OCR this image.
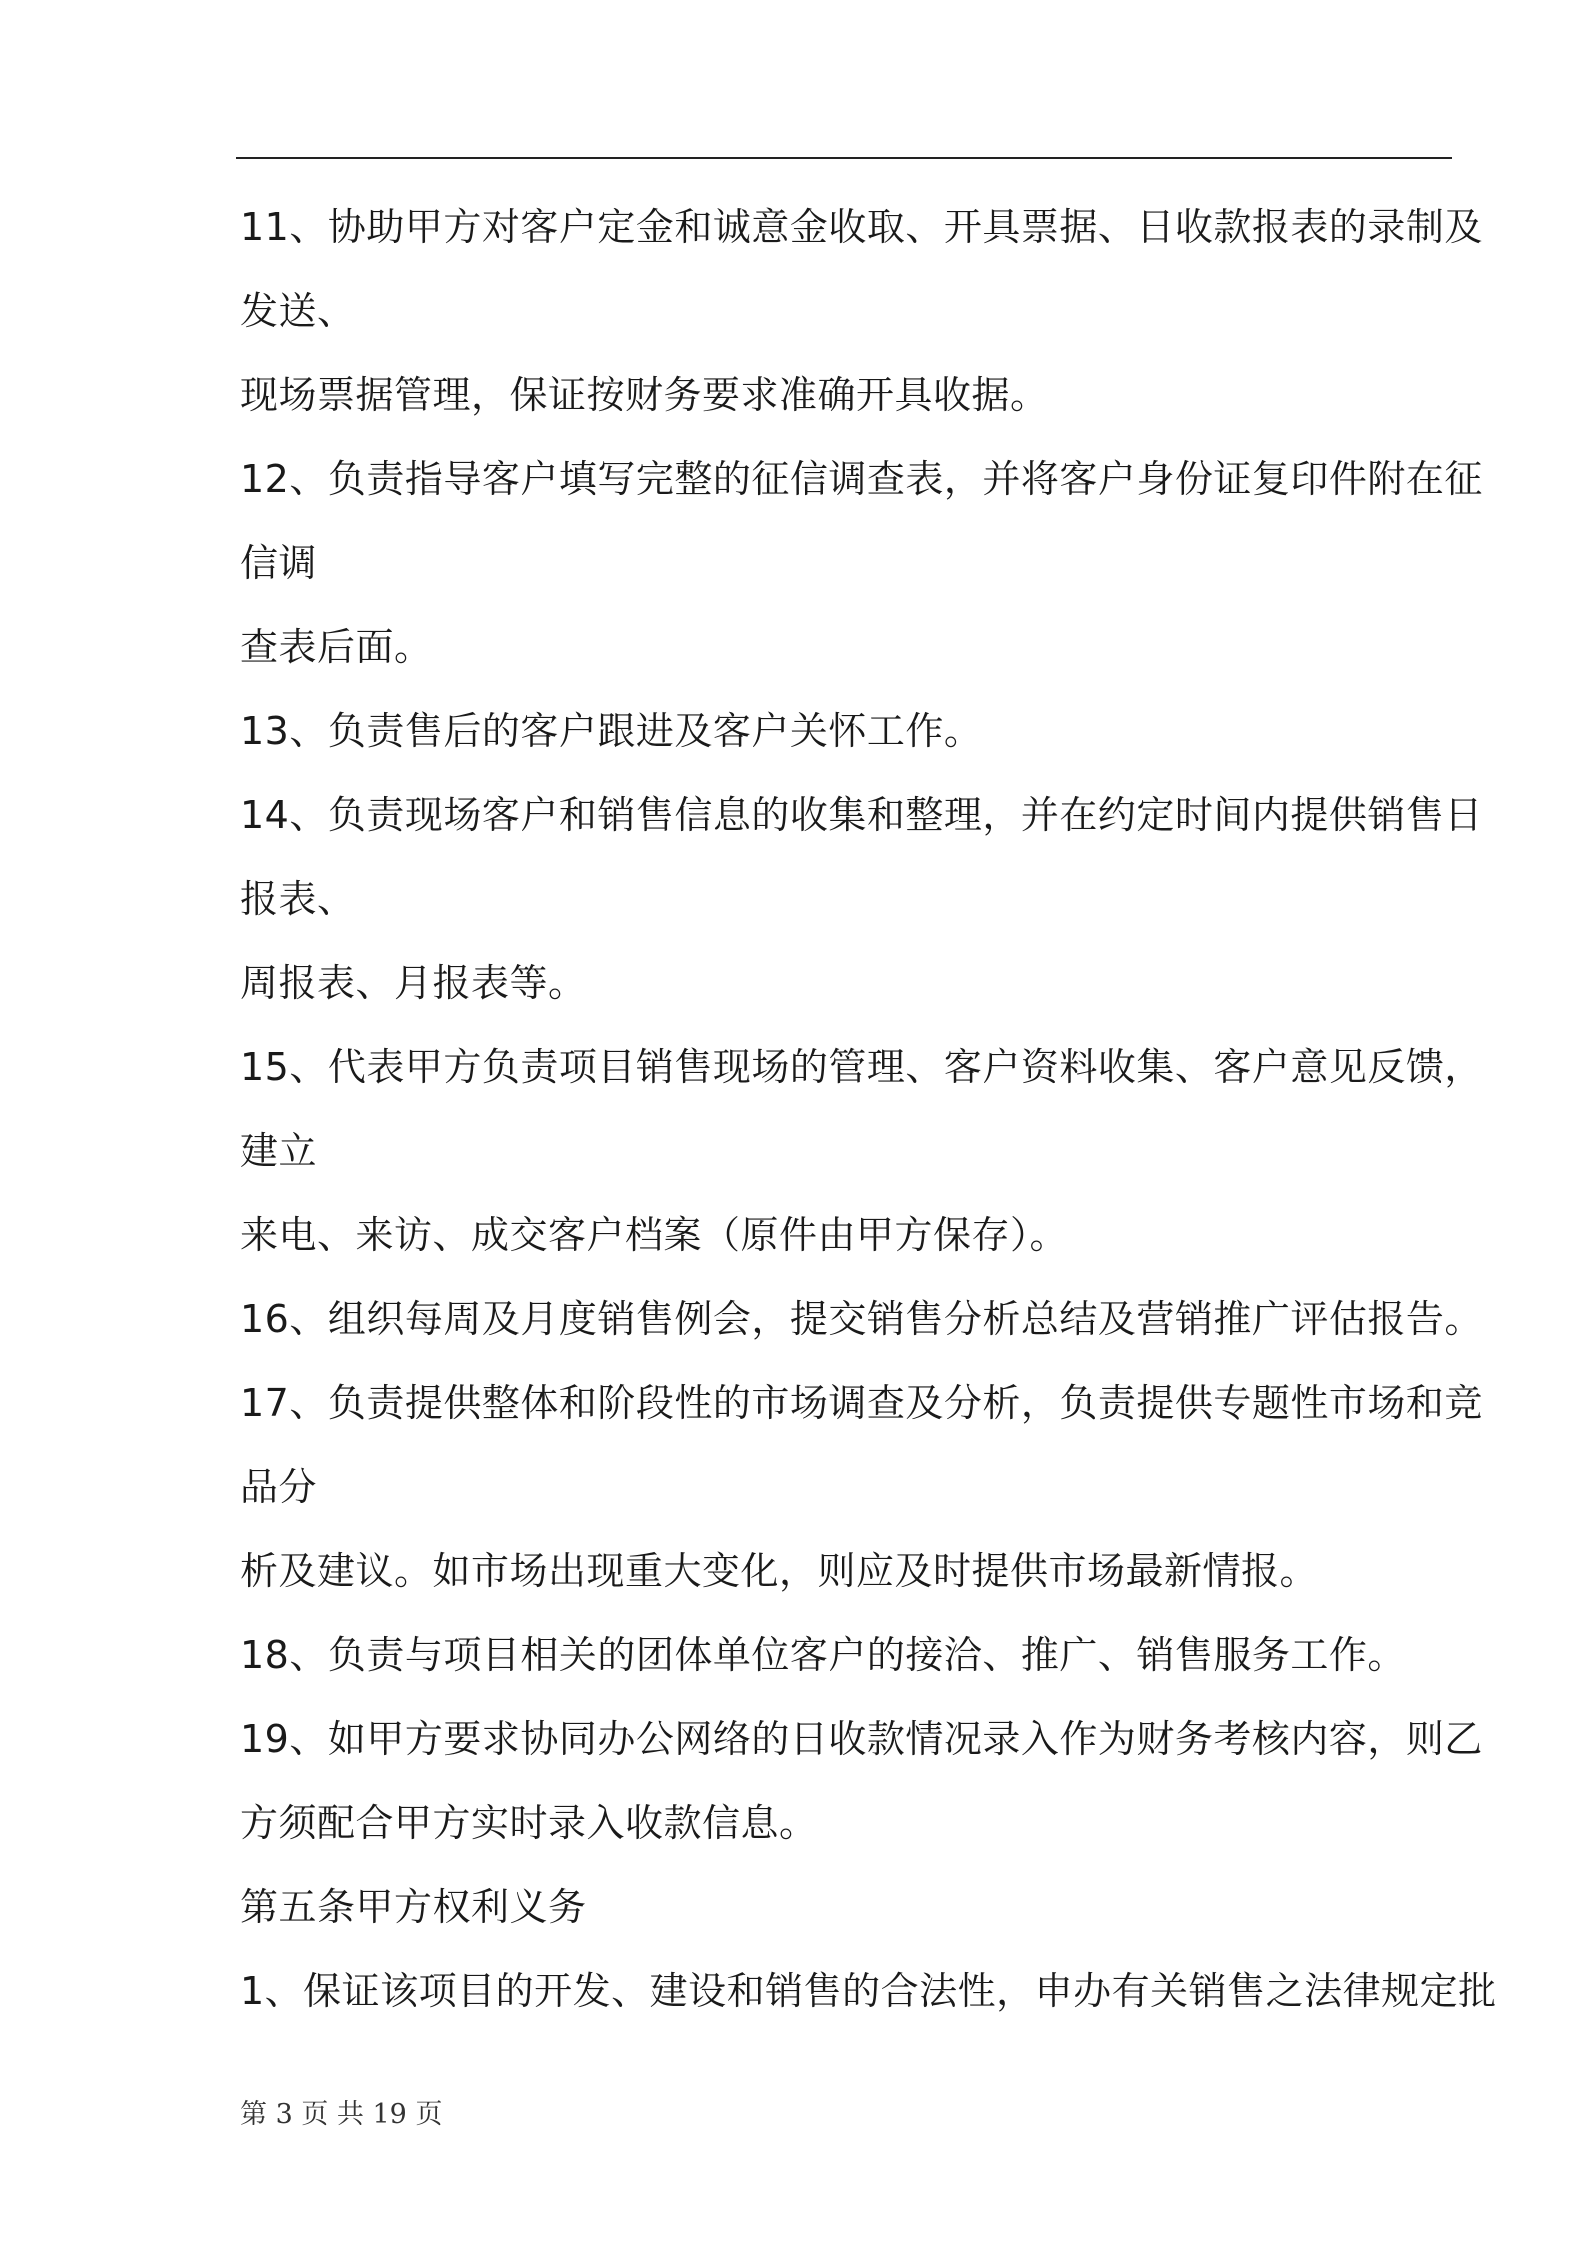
11、协助甲方对客户定金和诚意金收取、开具票据、日收款报表的录制及
发送、
现场票据管理，保证按财务要求准确开具收据。
12、负责指导客户填写完整的征信调查表，并将客户身份证复印件附在征
信调
查表后面。
13、负责售后的客户跟进及客户关怀工作。
14、负责现场客户和销售信息的收集和整理，并在约定时间内提供销售日
报表、
周报表、月报表等。
15、代表甲方负责项目销售现场的管理、客户资料收集、客户意见反馈，
建立
来电、来访、成交客户档案（原件由甲方保存）。
16、组织每周及月度销售例会，提交销售分析总结及营销推广评估报告。
17、负责提供整体和阶段性的市场调查及分析，负责提供专题性市场和竞
品分
析及建议。如市场出现重大变化，则应及时提供市场最新情报。
18、负责与项目相关的团体单位客户的接洽、推广、销售服务工作。
19、如甲方要求协同办公网络的日收款情况录入作为财务考核内容，则乙
方须配合甲方实时录入收款信息。
第五条甲方权利义务
1、保证该项目的开发、建设和销售的合法性，申办有关销售之法律规定批
第 3 页 共 19 页
